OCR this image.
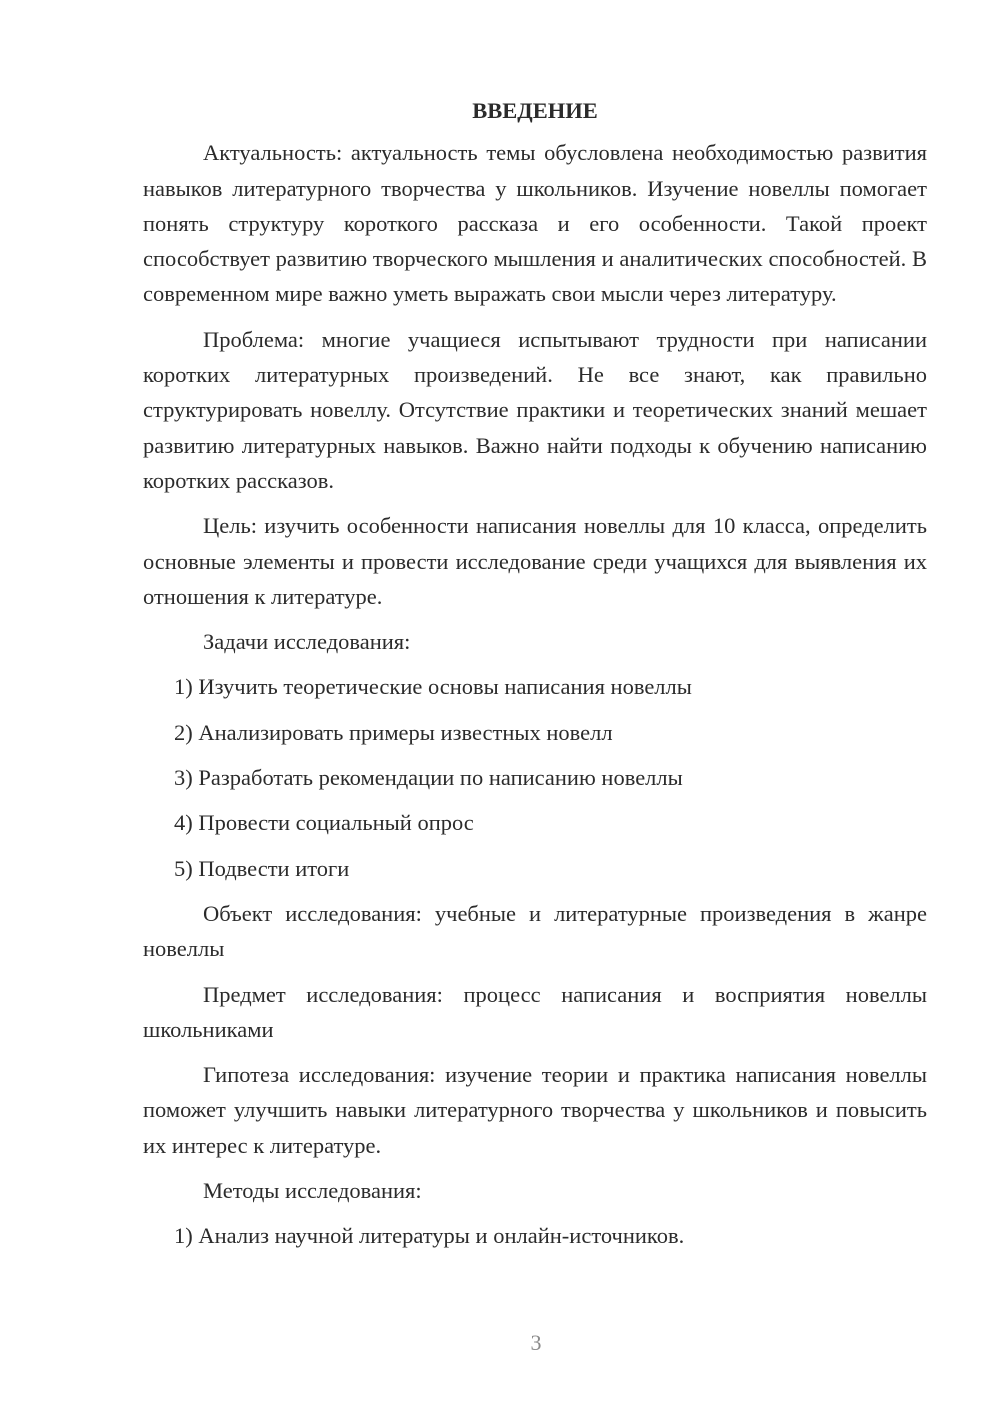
ВВЕДЕНИЕ

Актуальность: актуальность темы обусловлена необходимостью развития навыков литературного творчества у школьников. Изучение новеллы помогает понять структуру короткого рассказа и его особенности. Такой проект способствует развитию творческого мышления и аналитических способностей. В современном мире важно уметь выражать свои мысли через литературу.

Проблема: многие учащиеся испытывают трудности при написании коротких литературных произведений. Не все знают, как правильно структурировать новеллу. Отсутствие практики и теоретических знаний мешает развитию литературных навыков. Важно найти подходы к обучению написанию коротких рассказов.

Цель: изучить особенности написания новеллы для 10 класса, определить основные элементы и провести исследование среди учащихся для выявления их отношения к литературе.

Задачи исследования:

1) Изучить теоретические основы написания новеллы

2) Анализировать примеры известных новелл

3) Разработать рекомендации по написанию новеллы

4) Провести социальный опрос

5) Подвести итоги

Объект исследования: учебные и литературные произведения в жанре новеллы

Предмет исследования: процесс написания и восприятия новеллы школьниками

Гипотеза исследования: изучение теории и практика написания новеллы поможет улучшить навыки литературного творчества у школьников и повысить их интерес к литературе.

Методы исследования:

1) Анализ научной литературы и онлайн-источников.

3
